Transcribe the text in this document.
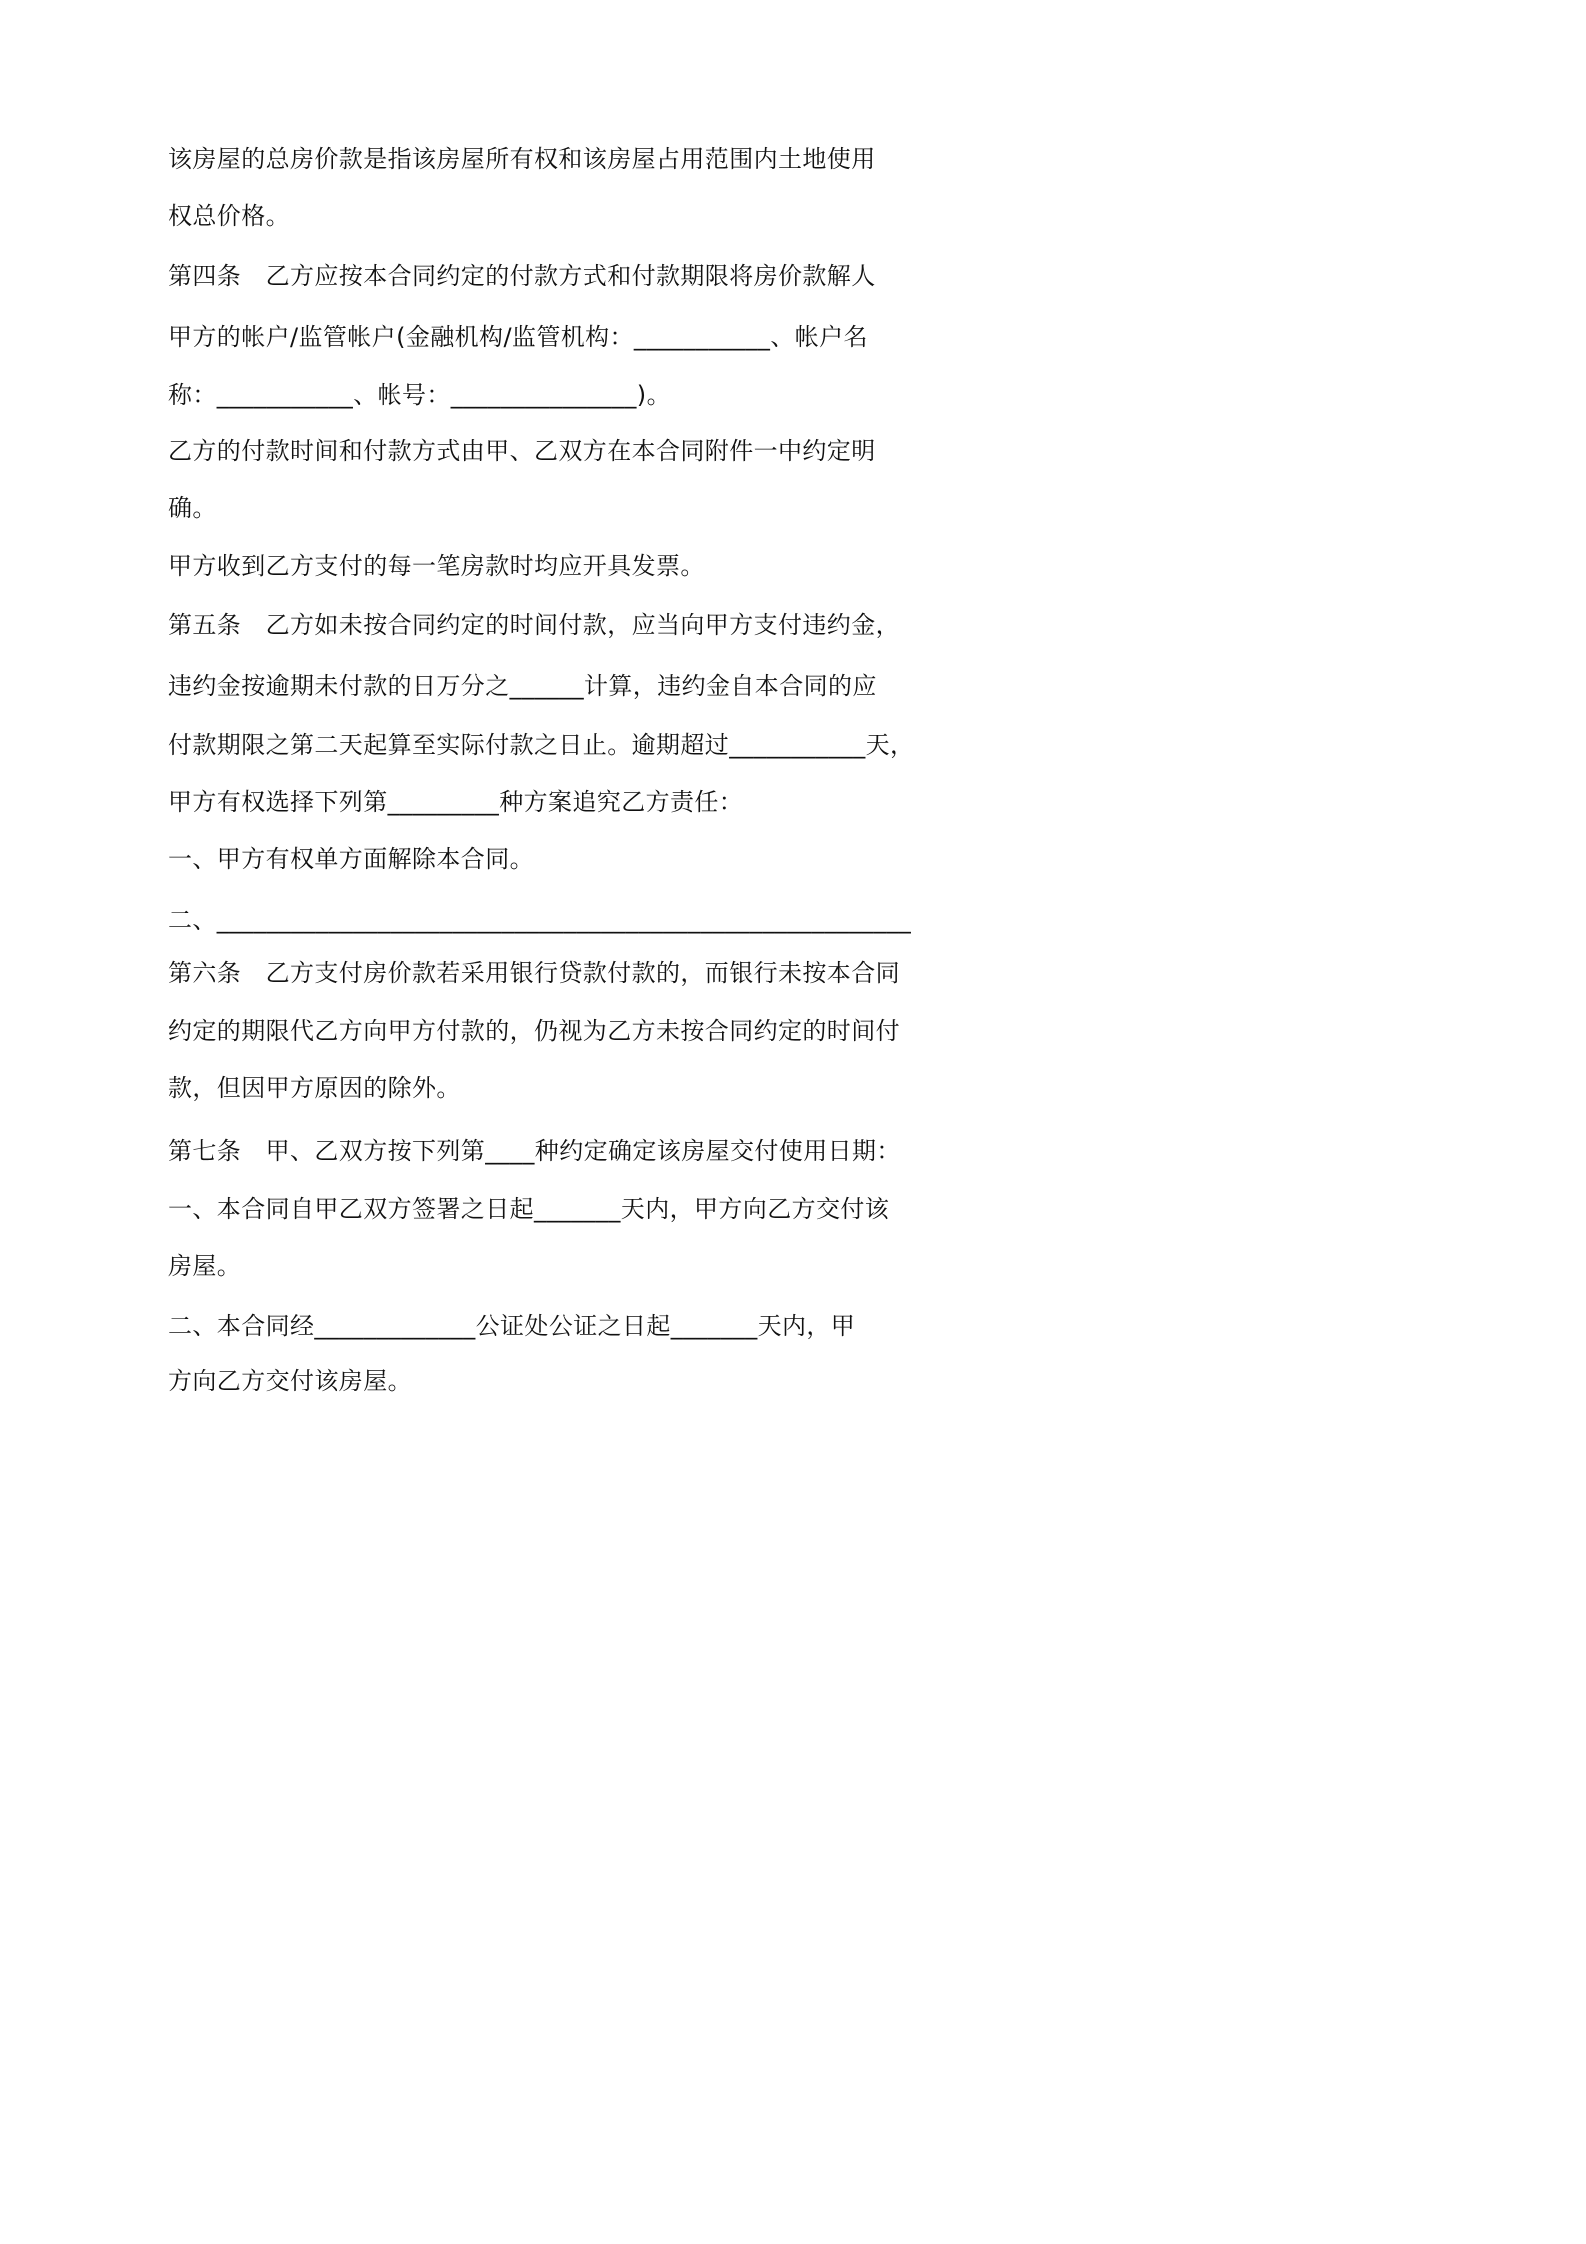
该房屋的总房价款是指该房屋所有权和该房屋占用范围内土地使用
权总价格。
第四条　乙方应按本合同约定的付款方式和付款期限将房价款解人
甲方的帐户/监管帐户(金融机构/监管机构：___________、帐户名
称：___________、帐号：_______________)。
乙方的付款时间和付款方式由甲、乙双方在本合同附件一中约定明
确。
甲方收到乙方支付的每一笔房款时均应开具发票。
第五条　乙方如未按合同约定的时间付款，应当向甲方支付违约金，
违约金按逾期未付款的日万分之______计算，违约金自本合同的应
付款期限之第二天起算至实际付款之日止。逾期超过___________天，
甲方有权选择下列第_________种方案追究乙方责任：
一、甲方有权单方面解除本合同。
二、________________________________________________________
第六条　乙方支付房价款若采用银行贷款付款的，而银行未按本合同
约定的期限代乙方向甲方付款的，仍视为乙方未按合同约定的时间付
款，但因甲方原因的除外。
第七条　甲、乙双方按下列第____种约定确定该房屋交付使用日期：
一、本合同自甲乙双方签署之日起_______天内，甲方向乙方交付该
房屋。
二、本合同经_____________公证处公证之日起_______天内，甲
方向乙方交付该房屋。
